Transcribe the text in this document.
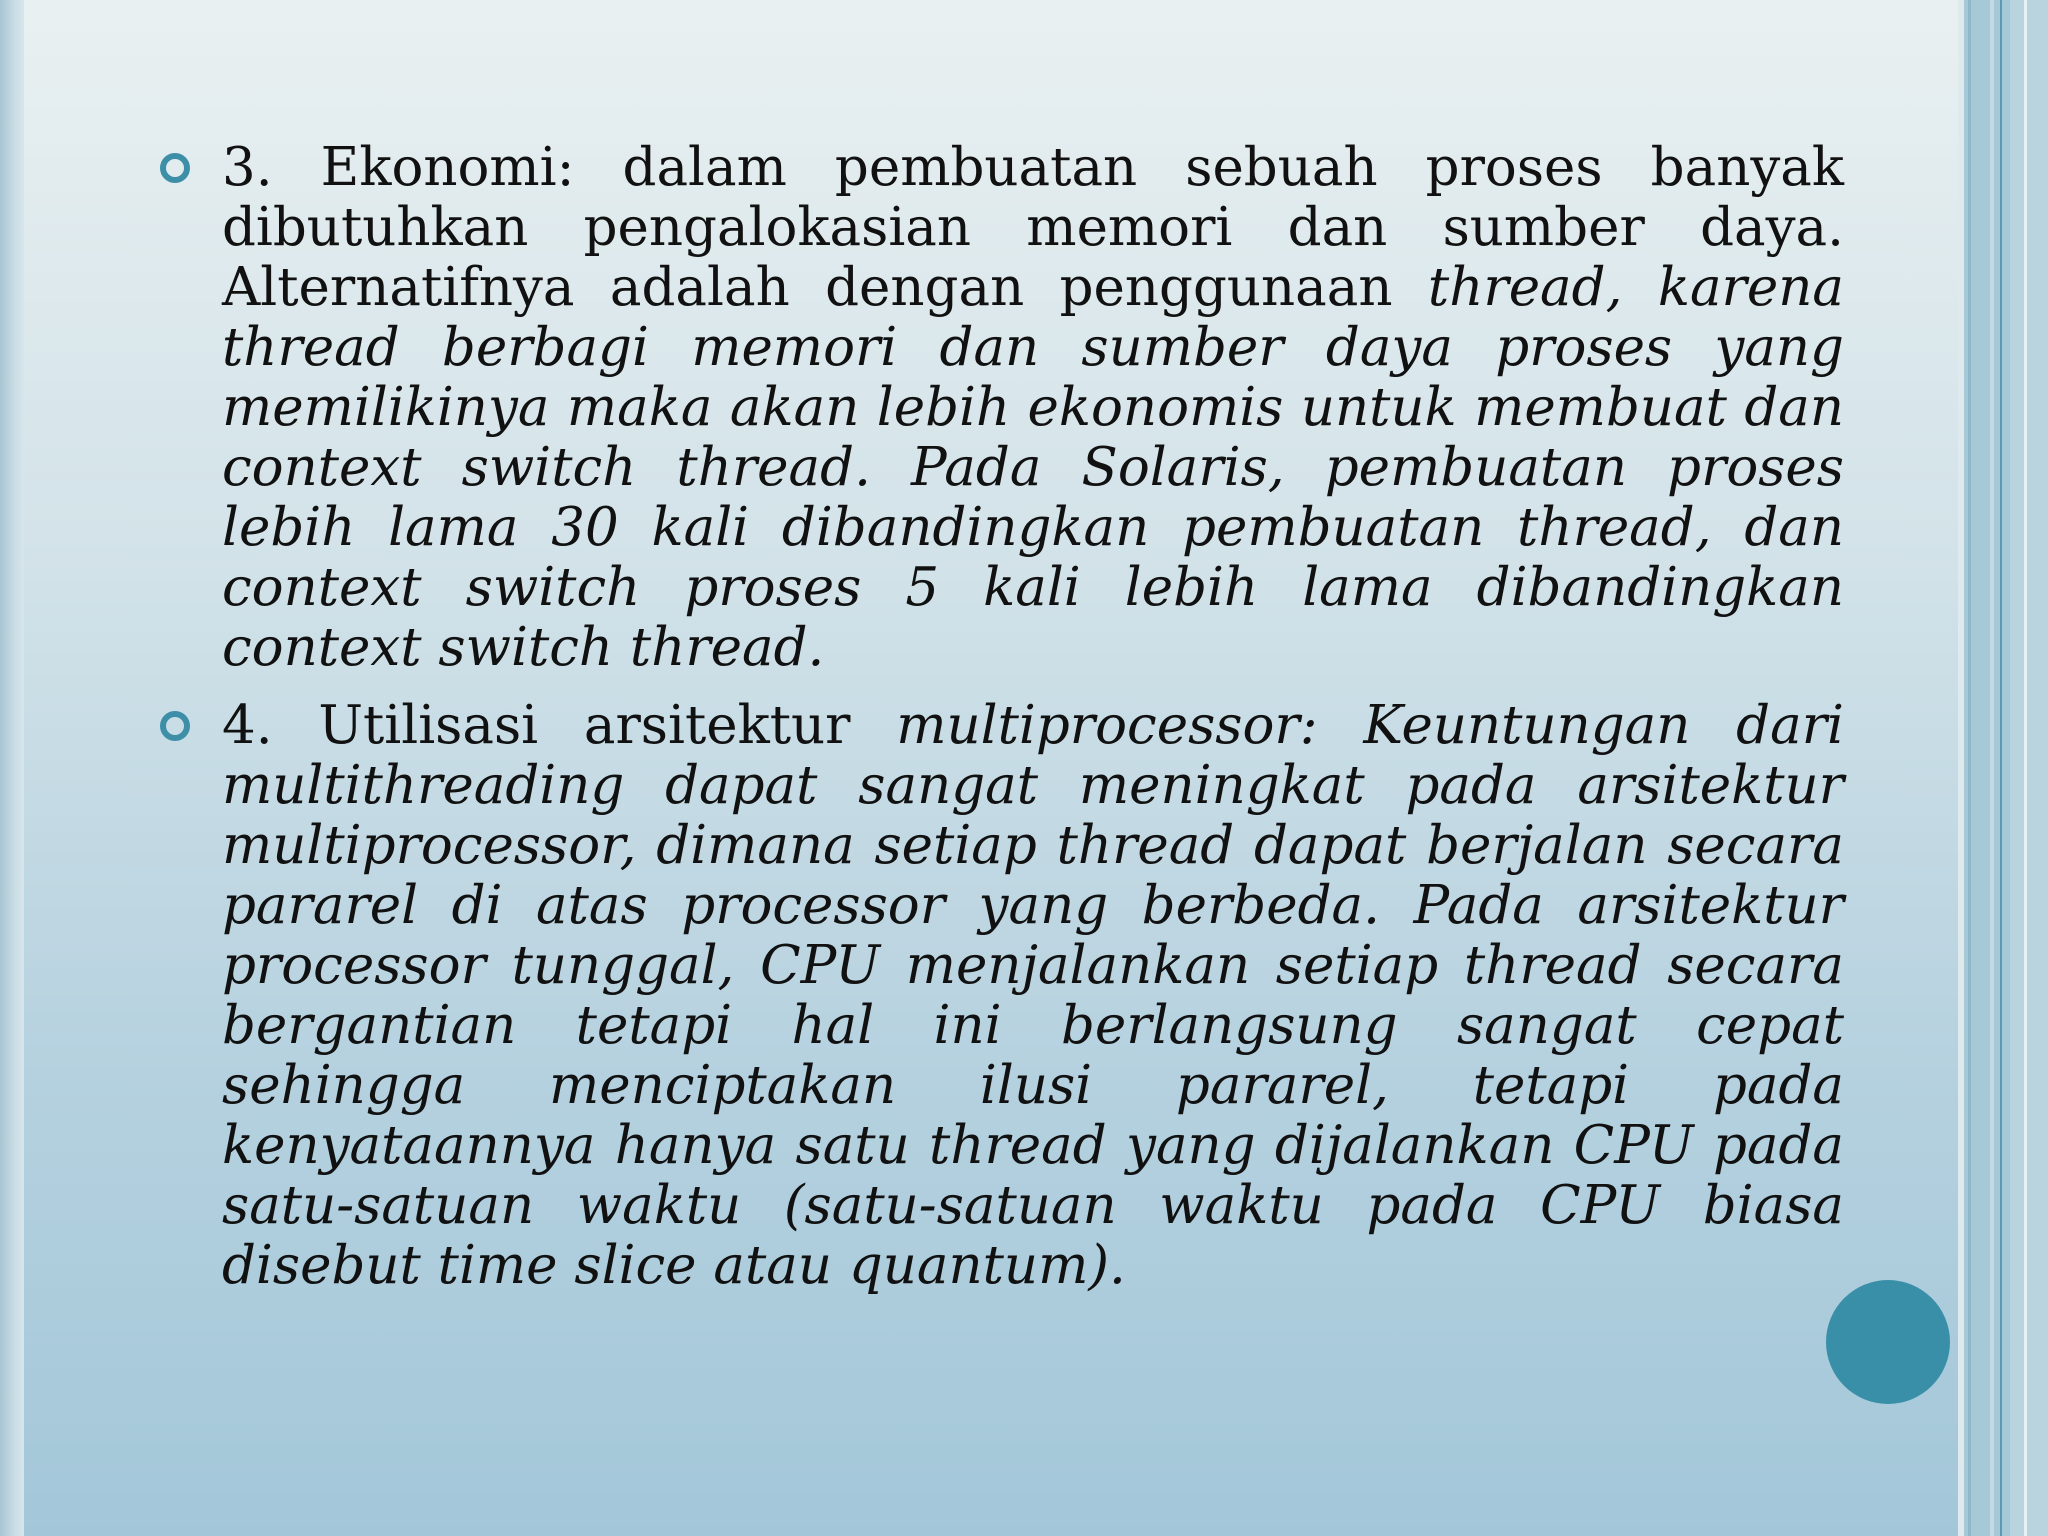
3. Ekonomi: dalam pembuatan sebuah proses banyak dibutuhkan pengalokasian memori dan sumber daya. Alternatifnya adalah dengan penggunaan thread, karena thread berbagi memori dan sumber daya proses yang memilikinya maka akan lebih ekonomis untuk membuat dan context switch thread. Pada Solaris, pembuatan proses lebih lama 30 kali dibandingkan pembuatan thread, dan context switch proses 5 kali lebih lama dibandingkan context switch thread.
4. Utilisasi arsitektur multiprocessor: Keuntungan dari multithreading dapat sangat meningkat pada arsitektur multiprocessor, dimana setiap thread dapat berjalan secara pararel di atas processor yang berbeda. Pada arsitektur processor tunggal, CPU menjalankan setiap thread secara bergantian tetapi hal ini berlangsung sangat cepat sehingga menciptakan ilusi pararel, tetapi pada kenyataannya hanya satu thread yang dijalankan CPU pada satu-satuan waktu (satu-satuan waktu pada CPU biasa disebut time slice atau quantum).
